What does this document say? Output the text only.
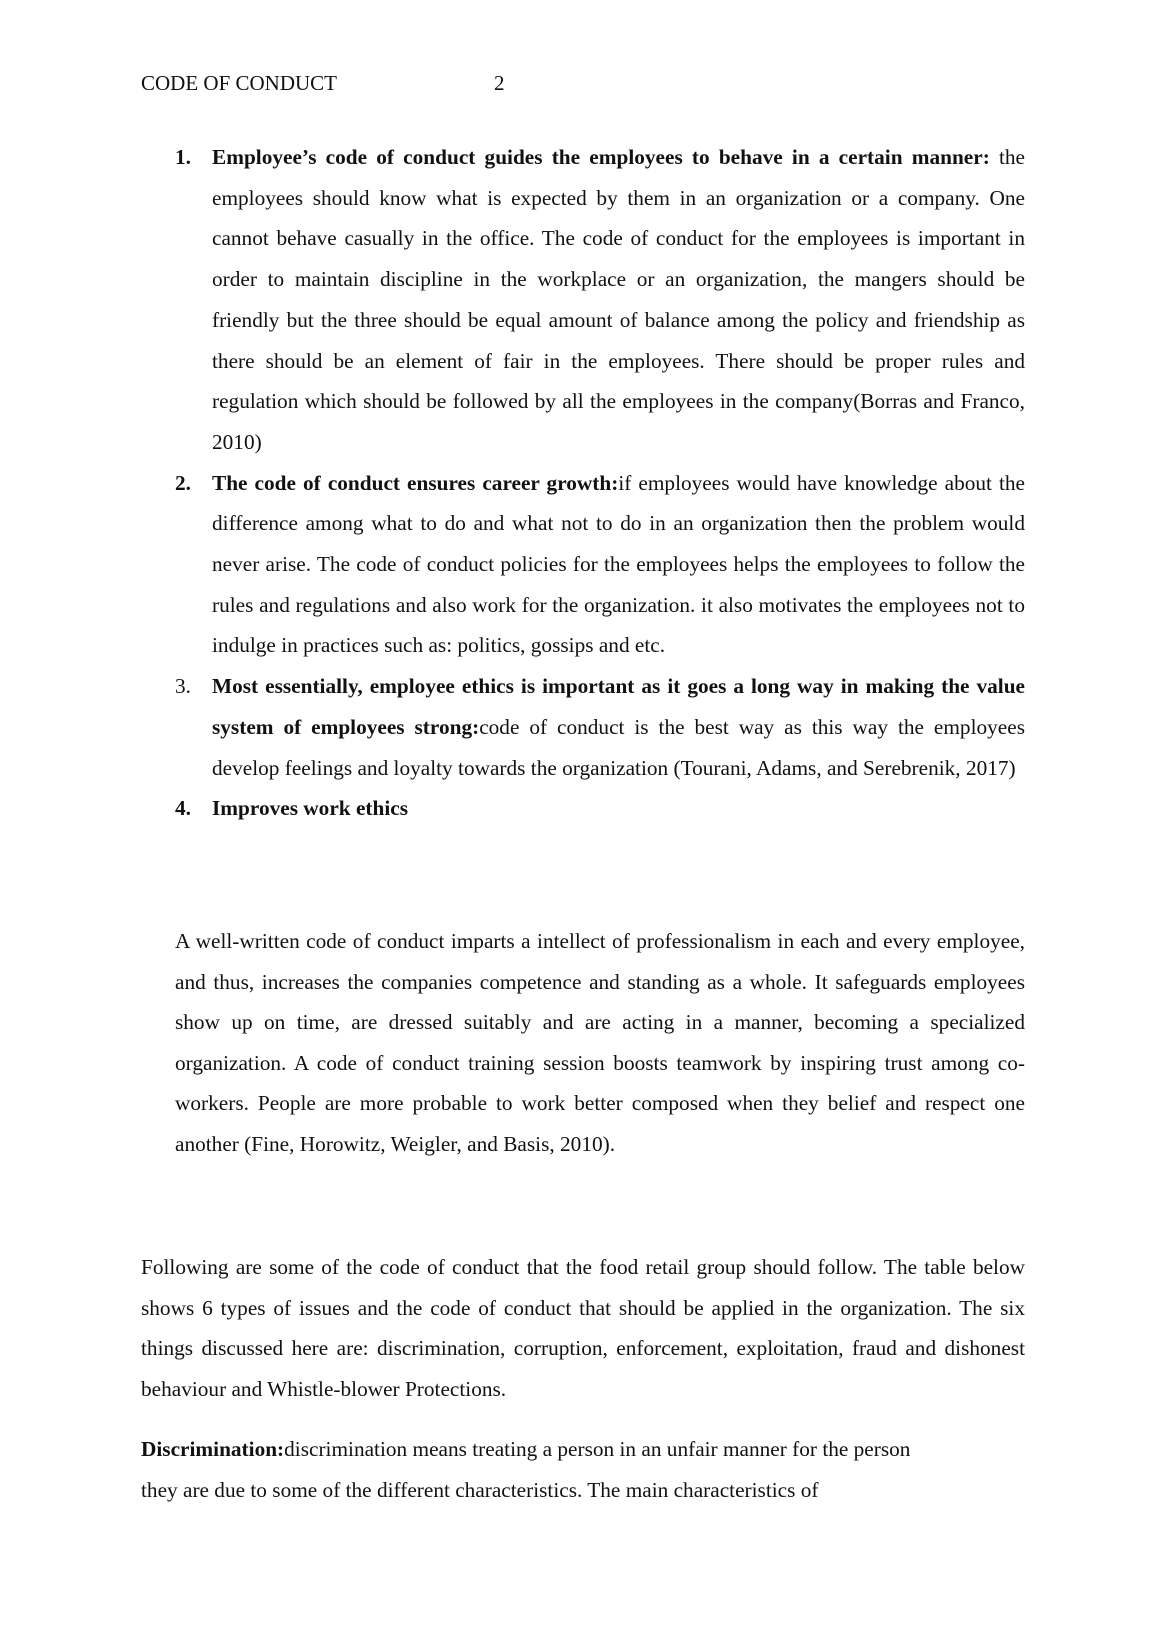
CODE OF CONDUCT	2
1. Employee’s code of conduct guides the employees to behave in a certain manner: the employees should know what is expected by them in an organization or a company. One cannot behave casually in the office. The code of conduct for the employees is important in order to maintain discipline in the workplace or an organization, the mangers should be friendly but the three should be equal amount of balance among the policy and friendship as there should be an element of fair in the employees. There should be proper rules and regulation which should be followed by all the employees in the company(Borras and Franco, 2010)
2. The code of conduct ensures career growth:if employees would have knowledge about the difference among what to do and what not to do in an organization then the problem would never arise. The code of conduct policies for the employees helps the employees to follow the rules and regulations and also work for the organization. it also motivates the employees not to indulge in practices such as: politics, gossips and etc.
3. Most essentially, employee ethics is important as it goes a long way in making the value system of employees strong:code of conduct is the best way as this way the employees develop feelings and loyalty towards the organization (Tourani, Adams, and Serebrenik, 2017)
4. Improves work ethics

A well-written code of conduct imparts a intellect of professionalism in each and every employee, and thus, increases the companies competence and standing as a whole. It safeguards employees show up on time, are dressed suitably and are acting in a manner, becoming a specialized organization. A code of conduct training session boosts teamwork by inspiring trust among co-workers. People are more probable to work better composed when they belief and respect one another (Fine, Horowitz, Weigler, and Basis, 2010).

Following are some of the code of conduct that the food retail group should follow. The table below shows 6 types of issues and the code of conduct that should be applied in the organization. The six things discussed here are: discrimination, corruption, enforcement, exploitation, fraud and dishonest behaviour and Whistle-blower Protections.

Discrimination:discrimination means treating a person in an unfair manner for the person
they are due to some of the different characteristics. The main characteristics of
